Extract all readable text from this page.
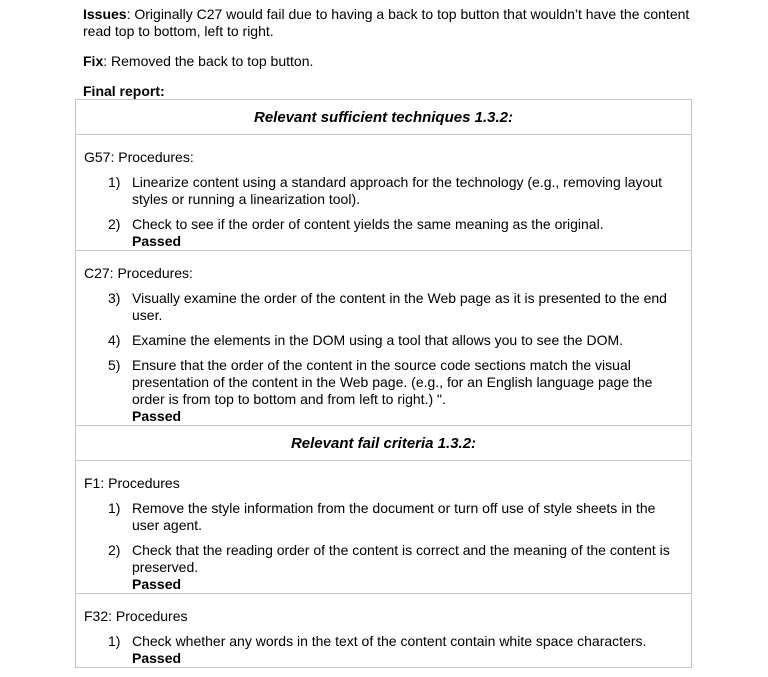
Issues: Originally C27 would fail due to having a back to top button that wouldn’t have the content read top to bottom, left to right.
Fix: Removed the back to top button.
Final report:
Relevant sufficient techniques 1.3.2:

G57: Procedures:
1) Linearize content using a standard approach for the technology (e.g., removing layout styles or running a linearization tool).
2) Check to see if the order of content yields the same meaning as the original.
Passed

C27: Procedures:
3) Visually examine the order of the content in the Web page as it is presented to the end user.
4) Examine the elements in the DOM using a tool that allows you to see the DOM.
5) Ensure that the order of the content in the source code sections match the visual presentation of the content in the Web page. (e.g., for an English language page the order is from top to bottom and from left to right.) ".
Passed

Relevant fail criteria 1.3.2:

F1: Procedures
1) Remove the style information from the document or turn off use of style sheets in the user agent.
2) Check that the reading order of the content is correct and the meaning of the content is preserved.
Passed

F32: Procedures
1) Check whether any words in the text of the content contain white space characters.
Passed
